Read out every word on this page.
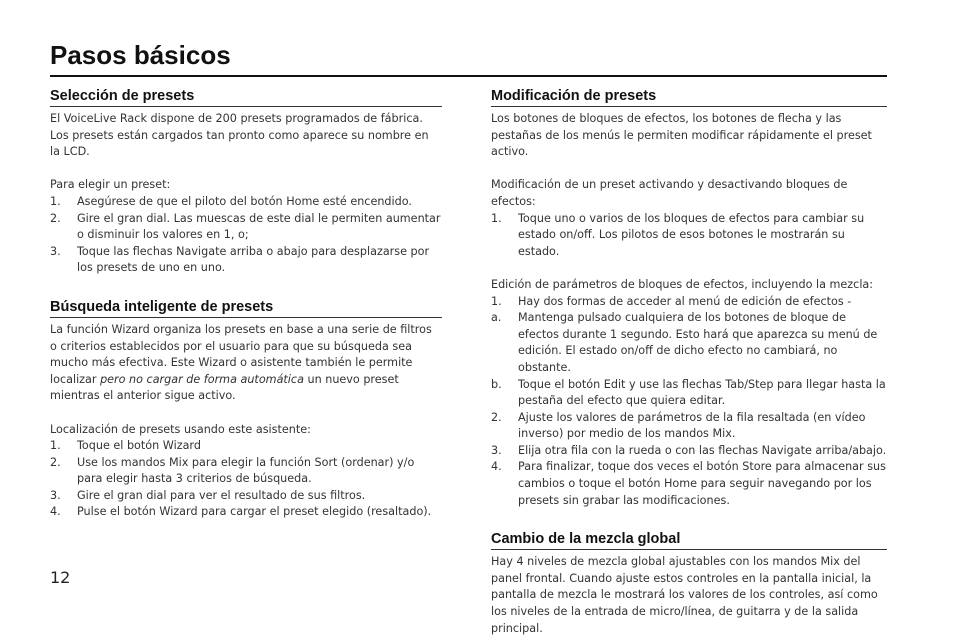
Pasos básicos
Selección de presets

El VoiceLive Rack dispone de 200 presets programados de fábrica. Los presets están cargados tan pronto como aparece su nombre en la LCD.

Para elegir un preset:

1.	Asegúrese de que el piloto del botón Home esté encendido.
2.	Gire el gran dial. Las muescas de este dial le permiten aumentar o disminuir los valores en 1, o;
3.	Toque las flechas Navigate arriba o abajo para desplazarse por los presets de uno en uno.
Búsqueda inteligente de presets

La función Wizard organiza los presets en base a una serie de filtros o criterios establecidos por el usuario para que su búsqueda sea mucho más efectiva. Este Wizard o asistente también le permite localizar pero no cargar de forma automática un nuevo preset mientras el anterior sigue activo.

Localización de presets usando este asistente:

1.	Toque el botón Wizard
2.	Use los mandos Mix para elegir la función Sort (ordenar) y/o para elegir hasta 3 criterios de búsqueda.
3.	Gire el gran dial para ver el resultado de sus filtros.
4.	Pulse el botón Wizard para cargar el preset elegido (resaltado).
Modificación de presets

Los botones de bloques de efectos, los botones de flecha y las pestañas de los menús le permiten modificar rápidamente el preset activo.

Modificación de un preset activando y desactivando bloques de efectos:

1.	Toque uno o varios de los bloques de efectos para cambiar su estado on/off. Los pilotos de esos botones le mostrarán su estado.

Edición de parámetros de bloques de efectos, incluyendo la mezcla:

1.	Hay dos formas de acceder al menú de edición de efectos -
a.	Mantenga pulsado cualquiera de los botones de bloque de efectos durante 1 segundo. Esto hará que aparezca su menú de edición. El estado on/off de dicho efecto no cambiará, no obstante.
b.	Toque el botón Edit y use las flechas Tab/Step para llegar hasta la pestaña del efecto que quiera editar.
2.	Ajuste los valores de parámetros de la fila resaltada (en vídeo inverso) por medio de los mandos Mix.
3.	Elija otra fila con la rueda o con las flechas Navigate arriba/abajo.
4.	Para finalizar, toque dos veces el botón Store para almacenar sus cambios o toque el botón Home para seguir navegando por los presets sin grabar las modificaciones.
Cambio de la mezcla global

Hay 4 niveles de mezcla global ajustables con los mandos Mix del panel frontal. Cuando ajuste estos controles en la pantalla inicial, la pantalla de mezcla le mostrará los valores de los controles, así como los niveles de la entrada de micro/línea, de guitarra y de la salida principal.

12
